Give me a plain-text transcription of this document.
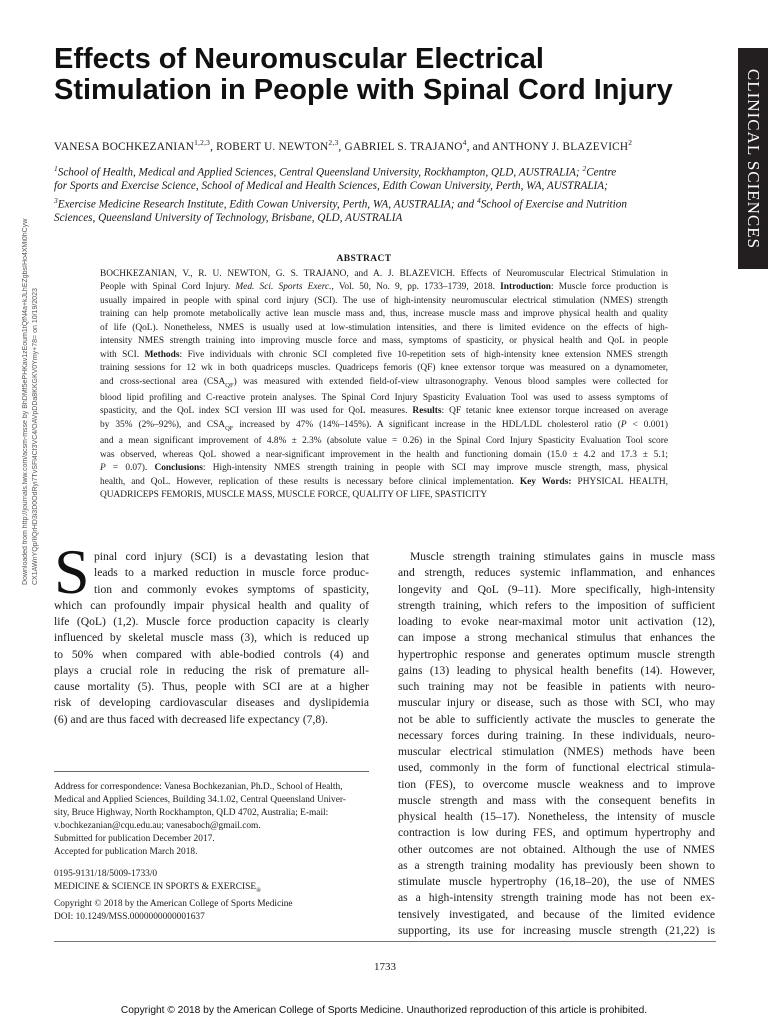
Effects of Neuromuscular Electrical
Stimulation in People with Spinal Cord Injury	CLINICAL SCIENCES
VANESA BOCHKEZANIAN$^{1,2,3}$, ROBERT U. NEWTON$^{2,3}$, GABRIEL S. TRAJANO$^4$, and ANTHONY J. BLAZEVICH$^2$
$^1$School of Health, Medical and Applied Sciences, Central Queensland University, Rockhampton, QLD, AUSTRALIA; $^2$Centre
for Sports and Exercise Science, School of Medical and Health Sciences, Edith Cowan University, Perth, WA, AUSTRALIA;
$^3$Exercise Medicine Research Institute, Edith Cowan University, Perth, WA, AUSTRALIA; and $^4$School of Exercise and Nutrition
Sciences, Queensland University of Technology, Brisbane, QLD, AUSTRALIA
Downloaded from http://journals.lww.com/acsm-msse by BhDMf5ePHKav1zEoum1tQfN4a+kJLhEZgbsIHo4XMi0hCyw CX1AWnYQp/IlQrHD3i3D0OdRyi7TvSFl4Cf3VC4/OAVpDDa8KKGKV0Ymy+78= on 10/19/2023
ABSTRACT
BOCHKEZANIAN, V., R. U. NEWTON, G. S. TRAJANO, and A. J. BLAZEVICH. Effects of Neuromuscular Electrical Stimulation in
People with Spinal Cord Injury. Med. Sci. Sports Exerc., Vol. 50, No. 9, pp. 1733–1739, 2018. Introduction: Muscle force production is
usually impaired in people with spinal cord injury (SCI). The use of high-intensity neuromuscular electrical stimulation (NMES) strength
training can help promote metabolically active lean muscle mass and, thus, increase muscle mass and improve physical health and quality
of life (QoL). Nonetheless, NMES is usually used at low-stimulation intensities, and there is limited evidence on the effects of high-
intensity NMES strength training into improving muscle force and mass, symptoms of spasticity, or physical health and QoL in people
with SCI. Methods: Five individuals with chronic SCI completed five 10-repetition sets of high-intensity knee extension NMES strength
training sessions for 12 wk in both quadriceps muscles. Quadriceps femoris (QF) knee extensor torque was measured on a dynamometer,
and cross-sectional area $(CSA_{QF})$ was measured with extended field-of-view ultrasonography. Venous blood samples were collected for
blood lipid profiling and C-reactive protein analyses. The Spinal Cord Injury Spasticity Evaluation Tool was used to assess symptoms of
spasticity, and the QoL index SCI version III was used for QoL measures. Results: QF tetanic knee extensor torque increased on average
by 35% (2%–92%), and $CSA_{QF}$ increased by 47% (14%–145%). A significant increase in the HDL/LDL cholesterol ratio (P < 0.001)
and a mean significant improvement of 4.8% ± 2.3% (absolute value = 0.26) in the Spinal Cord Injury Spasticity Evaluation Tool score
was observed, whereas QoL showed a near-significant improvement in the health and functioning domain (15.0 ± 4.2 and 17.3 ± 5.1;
P = 0.07). Conclusions: High-intensity NMES strength training in people with SCI may improve muscle strength, mass, physical
health, and QoL. However, replication of these results is necessary before clinical implementation. Key Words: PHYSICAL HEALTH,
QUADRICEPS FEMORIS, MUSCLE MASS, MUSCLE FORCE, QUALITY OF LIFE, SPASTICITY
S pinal cord injury (SCI) is a devastating lesion that
leads to a marked reduction in muscle force produc-
tion and commonly evokes symptoms of spasticity,
which can profoundly impair physical health and quality of
life (QoL) (1,2). Muscle force production capacity is clearly
influenced by skeletal muscle mass (3), which is reduced up
to 50% when compared with able-bodied controls (4) and
plays a crucial role in reducing the risk of premature all-
cause mortality (5). Thus, people with SCI are at a higher
risk of developing cardiovascular diseases and dyslipidemia
(6) and are thus faced with decreased life expectancy (7,8).
Address for correspondence: Vanesa Bochkezanian, Ph.D., School of Health,
Medical and Applied Sciences, Building 34.1.02, Central Queensland Univer-
sity, Bruce Highway, North Rockhampton, QLD 4702, Australia; E-mail:
v.bochkezanian@cqu.edu.au; vanesaboch@gmail.com.
Submitted for publication December 2017.
Accepted for publication March 2018.
0195-9131/18/5009-1733/0
MEDICINE & SCIENCE IN SPORTS & $EXERCISE_®$
Copyright © 2018 by the American College of Sports Medicine
DOI: 10.1249/MSS.0000000000001637
Muscle strength training stimulates gains in muscle mass
and strength, reduces systemic inflammation, and enhances
longevity and QoL (9–11). More specifically, high-intensity
strength training, which refers to the imposition of sufficient
loading to evoke near-maximal motor unit activation (12),
can impose a strong mechanical stimulus that enhances the
hypertrophic response and generates optimum muscle strength
gains (13) leading to physical health benefits (14). However,
such training may not be feasible in patients with neuro-
muscular injury or disease, such as those with SCI, who may
not be able to sufficiently activate the muscles to generate the
necessary forces during training. In these individuals, neuro-
muscular electrical stimulation (NMES) methods have been
used, commonly in the form of functional electrical stimula-
tion (FES), to overcome muscle weakness and to improve
muscle strength and mass with the consequent benefits in
physical health (15–17). Nonetheless, the intensity of muscle
contraction is low during FES, and optimum hypertrophy and
other outcomes are not obtained. Although the use of NMES
as a strength training modality has previously been shown to
stimulate muscle hypertrophy (16,18–20), the use of NMES
as a high-intensity strength training mode has not been ex-
tensively investigated, and because of the limited evidence
supporting, its use for increasing muscle strength (21,22) is
1733
Copyright © 2018 by the American College of Sports Medicine. Unauthorized reproduction of this article is prohibited.
